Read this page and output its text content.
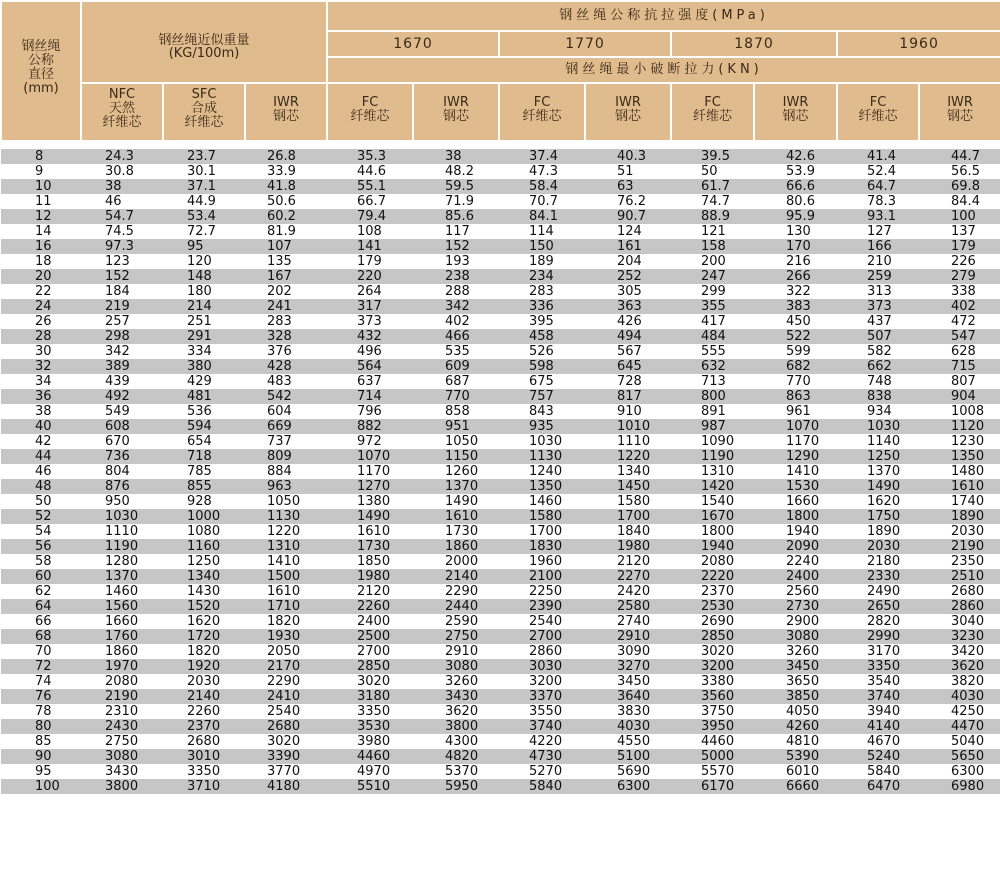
钢丝绳
公称
直径
(mm)	钢丝绳近似重量
(KG/100m)			钢丝绳公称抗拉强度(MPa)							
				1670		1770		1870		1960	
				钢丝绳最小破断拉力(KN)							

	NFC
天然
纤维芯	SFC
合成
纤维芯	IWR
钢芯	FC
纤维芯	IWR
钢芯	FC
纤维芯	IWR
钢芯	FC
纤维芯	IWR
钢芯	FC
纤维芯	IWR
钢芯

8	24.3	23.7	26.8	35.3	38	37.4	40.3	39.5	42.6	41.4	44.7
9	30.8	30.1	33.9	44.6	48.2	47.3	51	50	53.9	52.4	56.5
10	38	37.1	41.8	55.1	59.5	58.4	63	61.7	66.6	64.7	69.8
11	46	44.9	50.6	66.7	71.9	70.7	76.2	74.7	80.6	78.3	84.4
12	54.7	53.4	60.2	79.4	85.6	84.1	90.7	88.9	95.9	93.1	100
14	74.5	72.7	81.9	108	117	114	124	121	130	127	137
16	97.3	95	107	141	152	150	161	158	170	166	179
18	123	120	135	179	193	189	204	200	216	210	226
20	152	148	167	220	238	234	252	247	266	259	279
22	184	180	202	264	288	283	305	299	322	313	338
24	219	214	241	317	342	336	363	355	383	373	402
26	257	251	283	373	402	395	426	417	450	437	472
28	298	291	328	432	466	458	494	484	522	507	547
30	342	334	376	496	535	526	567	555	599	582	628
32	389	380	428	564	609	598	645	632	682	662	715
34	439	429	483	637	687	675	728	713	770	748	807
36	492	481	542	714	770	757	817	800	863	838	904
38	549	536	604	796	858	843	910	891	961	934	1008
40	608	594	669	882	951	935	1010	987	1070	1030	1120
42	670	654	737	972	1050	1030	1110	1090	1170	1140	1230
44	736	718	809	1070	1150	1130	1220	1190	1290	1250	1350
46	804	785	884	1170	1260	1240	1340	1310	1410	1370	1480
48	876	855	963	1270	1370	1350	1450	1420	1530	1490	1610
50	950	928	1050	1380	1490	1460	1580	1540	1660	1620	1740
52	1030	1000	1130	1490	1610	1580	1700	1670	1800	1750	1890
54	1110	1080	1220	1610	1730	1700	1840	1800	1940	1890	2030
56	1190	1160	1310	1730	1860	1830	1980	1940	2090	2030	2190
58	1280	1250	1410	1850	2000	1960	2120	2080	2240	2180	2350
60	1370	1340	1500	1980	2140	2100	2270	2220	2400	2330	2510
62	1460	1430	1610	2120	2290	2250	2420	2370	2560	2490	2680
64	1560	1520	1710	2260	2440	2390	2580	2530	2730	2650	2860
66	1660	1620	1820	2400	2590	2540	2740	2690	2900	2820	3040
68	1760	1720	1930	2500	2750	2700	2910	2850	3080	2990	3230
70	1860	1820	2050	2700	2910	2860	3090	3020	3260	3170	3420
72	1970	1920	2170	2850	3080	3030	3270	3200	3450	3350	3620
74	2080	2030	2290	3020	3260	3200	3450	3380	3650	3540	3820
76	2190	2140	2410	3180	3430	3370	3640	3560	3850	3740	4030
78	2310	2260	2540	3350	3620	3550	3830	3750	4050	3940	4250
80	2430	2370	2680	3530	3800	3740	4030	3950	4260	4140	4470
85	2750	2680	3020	3980	4300	4220	4550	4460	4810	4670	5040
90	3080	3010	3390	4460	4820	4730	5100	5000	5390	5240	5650
95	3430	3350	3770	4970	5370	5270	5690	5570	6010	5840	6300
100	3800	3710	4180	5510	5950	5840	6300	6170	6660	6470	6980
